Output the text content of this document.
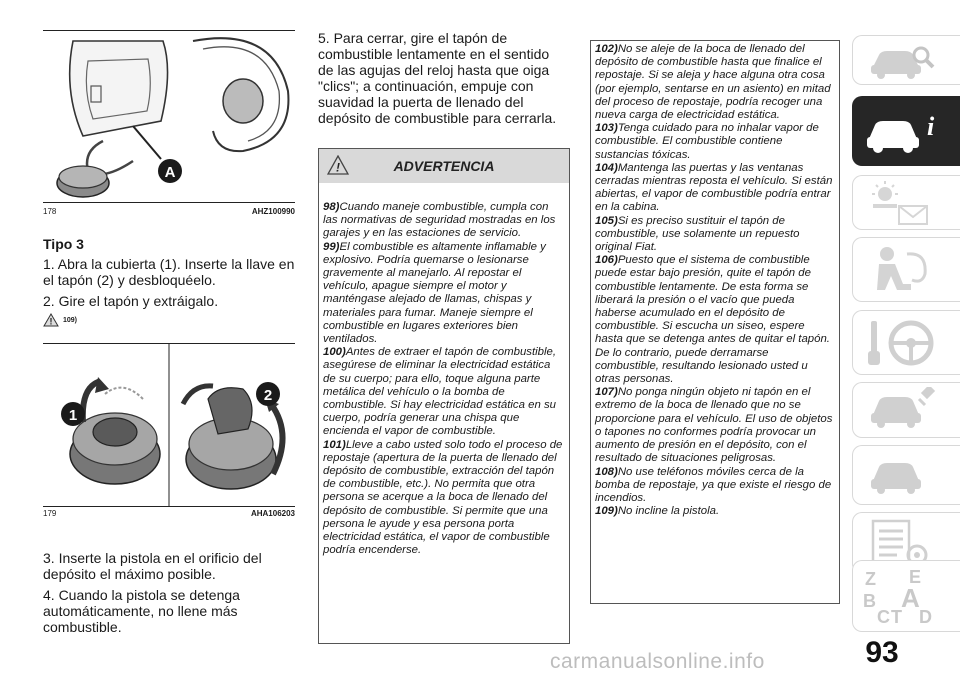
A
178	AHZ100990

Tipo 3

1. Abra la cubierta (1). Inserte la llave en el tapón (2) y desbloquéelo.

2. Gire el tapón y extráigalo.

! 109)
1
2
179	AHA106203

3. Inserte la pistola en el orificio del depósito el máximo posible.

4. Cuando la pistola se detenga automáticamente, no llene más combustible.

5. Para cerrar, gire el tapón de combustible lentamente en el sentido de las agujas del reloj hasta que oiga "clics"; a continuación, empuje con suavidad la puerta de llenado del depósito de combustible para cerrarla.

!	ADVERTENCIA
98)Cuando maneje combustible, cumpla con las normativas de seguridad mostradas en los garajes y en las estaciones de servicio.
99)El combustible es altamente inflamable y explosivo. Podría quemarse o lesionarse gravemente al manejarlo. Al repostar el vehículo, apague siempre el motor y manténgase alejado de llamas, chispas y materiales para fumar. Maneje siempre el combustible en lugares exteriores bien ventilados.
100)Antes de extraer el tapón de combustible, asegúrese de eliminar la electricidad estática de su cuerpo; para ello, toque alguna parte metálica del vehículo o la bomba de combustible. Si hay electricidad estática en su cuerpo, podría generar una chispa que encienda el vapor de combustible.
101)Lleve a cabo usted solo todo el proceso de repostaje (apertura de la puerta de llenado del depósito de combustible, extracción del tapón de combustible, etc.). No permita que otra persona se acerque a la boca de llenado del depósito de combustible. Si permite que una persona le ayude y esa persona porta electricidad estática, el vapor de combustible podría encenderse.
102)No se aleje de la boca de llenado del depósito de combustible hasta que finalice el repostaje. Si se aleja y hace alguna otra cosa (por ejemplo, sentarse en un asiento) en mitad del proceso de repostaje, podría recoger una nueva carga de electricidad estática.
103)Tenga cuidado para no inhalar vapor de combustible. El combustible contiene sustancias tóxicas.
104)Mantenga las puertas y las ventanas cerradas mientras reposta el vehículo. Si están abiertas, el vapor de combustible podría entrar en la cabina.
105)Si es preciso sustituir el tapón de combustible, use solamente un repuesto original Fiat.
106)Puesto que el sistema de combustible puede estar bajo presión, quite el tapón de combustible lentamente. De esta forma se liberará la presión o el vacío que pueda haberse acumulado en el depósito de combustible. Si escucha un siseo, espere hasta que se detenga antes de quitar el tapón. De lo contrario, puede derramarse combustible, resultando lesionado usted u otras personas.
107)No ponga ningún objeto ni tapón en el extremo de la boca de llenado que no se proporcione para el vehículo. El uso de objetos o tapones no conformes podría provocar un aumento de presión en el depósito, con el resultado de situaciones peligrosas.
108)No use teléfonos móviles cerca de la bomba de repostaje, ya que existe el riesgo de incendios.
109)No incline la pistola.
i
Z E
B A
C T D
93
carmanualsonline.info
